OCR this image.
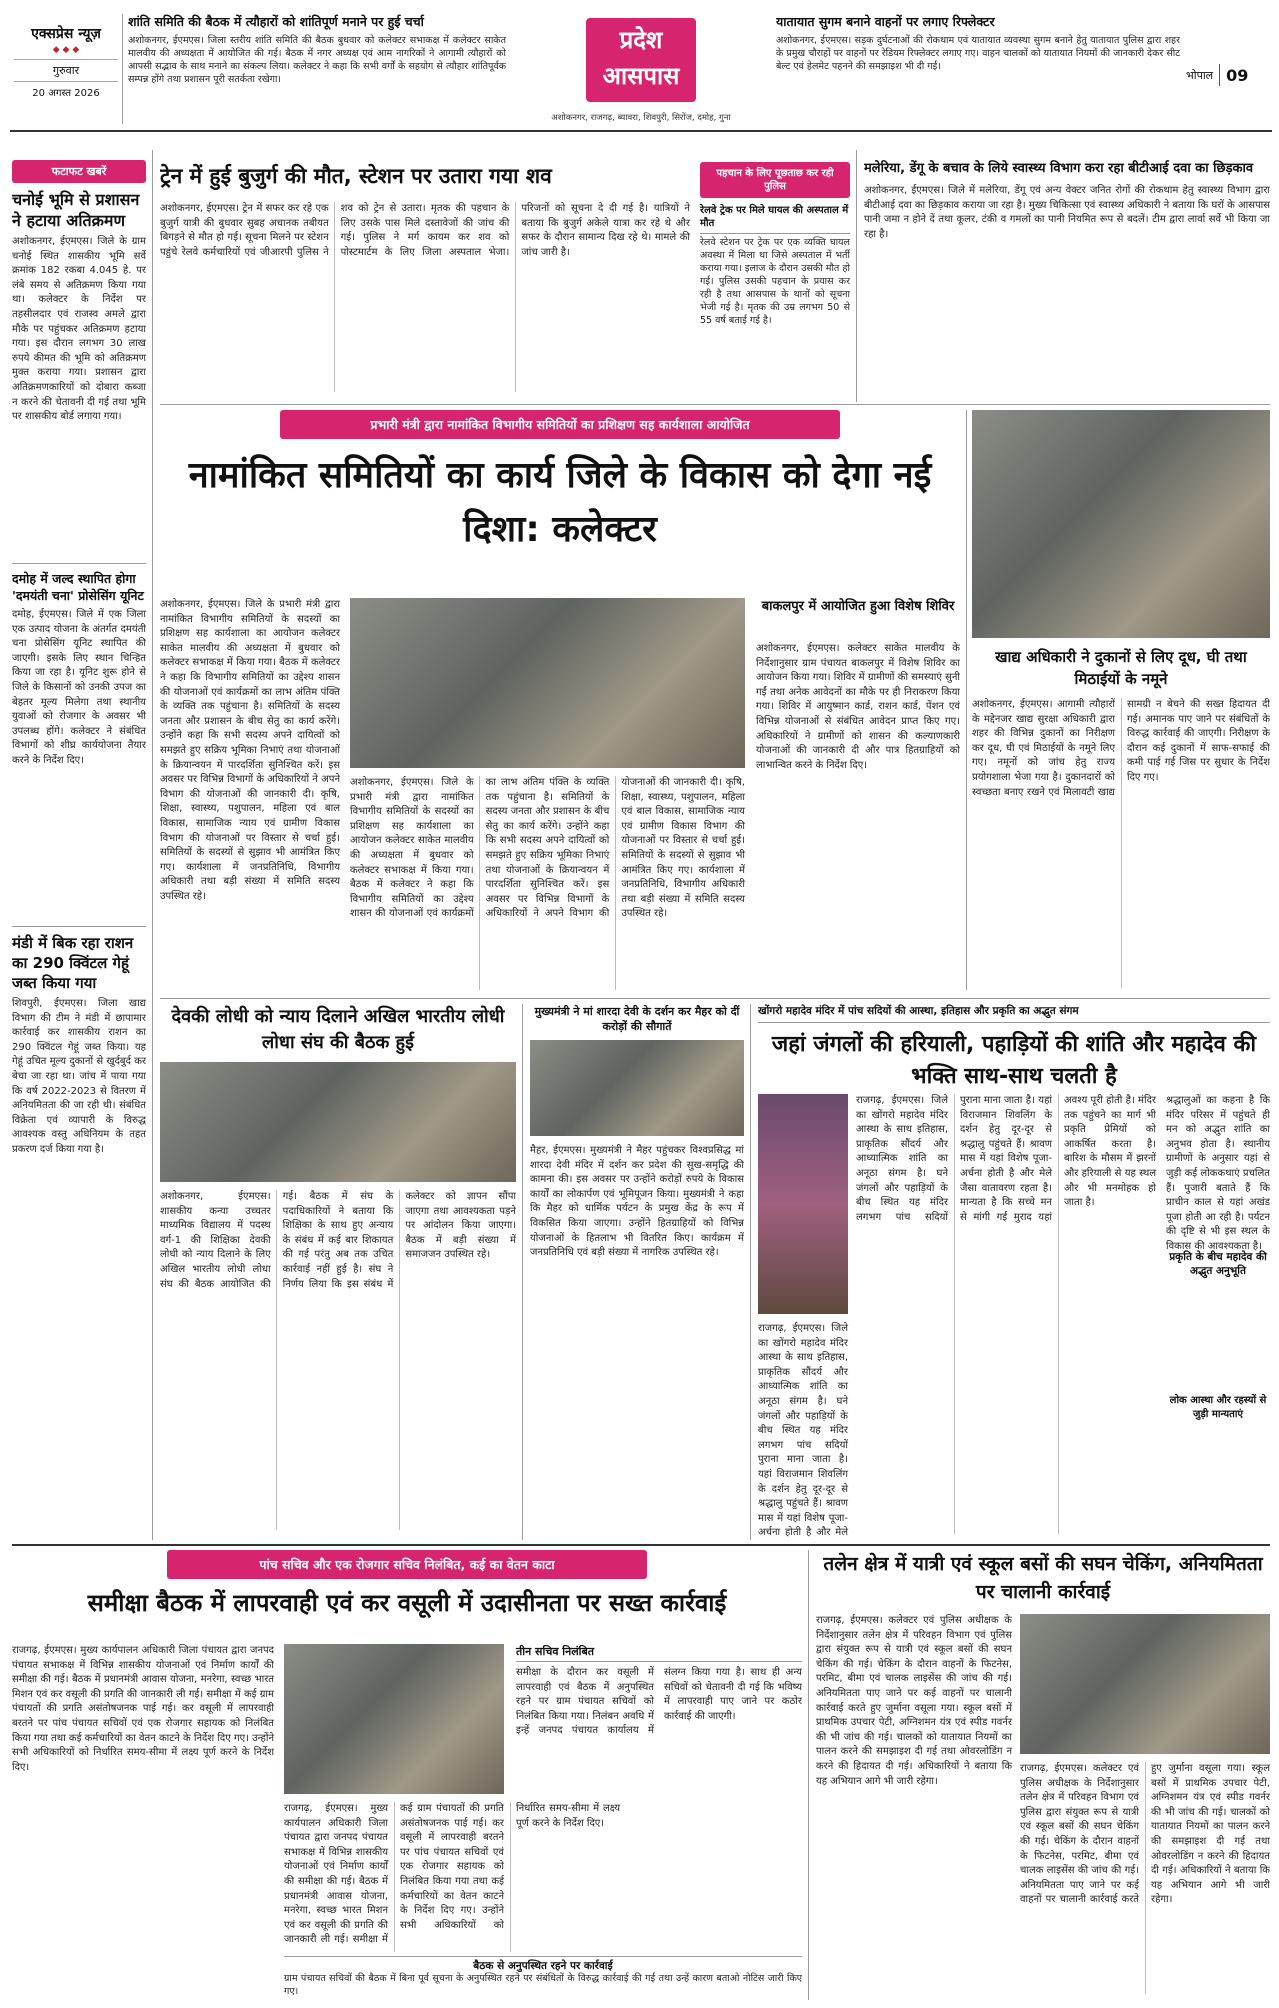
एक्सप्रेस न्यूज़
◆ ◆ ◆
गुरुवार
20 अगस्त 2026
शांति समिति की बैठक में त्यौहारों को शांतिपूर्ण मनाने पर हुई चर्चा
अशोकनगर, ईएमएस। जिला स्तरीय शांति समिति की बैठक बुधवार को कलेक्टर सभाकक्ष में कलेक्टर साकेत मालवीय की अध्यक्षता में आयोजित की गई। बैठक में नगर अध्यक्ष एवं आम नागरिकों ने आगामी त्यौहारों को आपसी सद्भाव के साथ मनाने का संकल्प लिया। कलेक्टर ने कहा कि सभी वर्गों के सहयोग से त्यौहार शांतिपूर्वक सम्पन्न होंगे तथा प्रशासन पूरी सतर्कता रखेगा।
प्रदेश
आसपास
अशोकनगर, राजगढ़, ब्यावरा, शिवपुरी, सिरोंज, दमोह, गुना
यातायात सुगम बनाने वाहनों पर लगाए रिफ्लेक्टर
अशोकनगर, ईएमएस। सड़क दुर्घटनाओं की रोकथाम एवं यातायात व्यवस्था सुगम बनाने हेतु यातायात पुलिस द्वारा शहर के प्रमुख चौराहों पर वाहनों पर रेडियम रिफ्लेक्टर लगाए गए। वाहन चालकों को यातायात नियमों की जानकारी देकर सीट बेल्ट एवं हेलमेट पहनने की समझाइश भी दी गई।
भोपाल 09
फटाफट खबरें
चनोई भूमि से प्रशासन ने हटाया अतिक्रमण
अशोकनगर, ईएमएस। जिले के ग्राम चनोई स्थित शासकीय भूमि सर्वे क्रमांक 182 रकबा 4.045 हे. पर लंबे समय से अतिक्रमण किया गया था। कलेक्टर के निर्देश पर तहसीलदार एवं राजस्व अमले द्वारा मौके पर पहुंचकर अतिक्रमण हटाया गया। इस दौरान लगभग 30 लाख रुपये कीमत की भूमि को अतिक्रमण मुक्त कराया गया। प्रशासन द्वारा अतिक्रमणकारियों को दोबारा कब्जा न करने की चेतावनी दी गई तथा भूमि पर शासकीय बोर्ड लगाया गया।
दमोह में जल्द स्थापित होगा 'दमयंती चना' प्रोसेसिंग यूनिट
दमोह, ईएमएस। जिले में एक जिला एक उत्पाद योजना के अंतर्गत दमयंती चना प्रोसेसिंग यूनिट स्थापित की जाएगी। इसके लिए स्थान चिन्हित किया जा रहा है। यूनिट शुरू होने से जिले के किसानों को उनकी उपज का बेहतर मूल्य मिलेगा तथा स्थानीय युवाओं को रोजगार के अवसर भी उपलब्ध होंगे। कलेक्टर ने संबंधित विभागों को शीघ्र कार्ययोजना तैयार करने के निर्देश दिए।
मंडी में बिक रहा राशन का 290 क्विंटल गेहूं जब्त किया गया
शिवपुरी, ईएमएस। जिला खाद्य विभाग की टीम ने मंडी में छापामार कार्रवाई कर शासकीय राशन का 290 क्विंटल गेहूं जब्त किया। यह गेहूं उचित मूल्य दुकानों से खुर्दबुर्द कर बेचा जा रहा था। जांच में पाया गया कि वर्ष 2022-2023 से वितरण में अनियमितता की जा रही थी। संबंधित विक्रेता एवं व्यापारी के विरुद्ध आवश्यक वस्तु अधिनियम के तहत प्रकरण दर्ज किया गया है।
ट्रेन में हुई बुजुर्ग की मौत, स्टेशन पर उतारा गया शव
अशोकनगर, ईएमएस। ट्रेन में सफर कर रहे एक बुजुर्ग यात्री की बुधवार सुबह अचानक तबीयत बिगड़ने से मौत हो गई। सूचना मिलने पर स्टेशन पहुंचे रेलवे कर्मचारियों एवं जीआरपी पुलिस ने शव को ट्रेन से उतारा। मृतक की पहचान के लिए उसके पास मिले दस्तावेजों की जांच की गई। पुलिस ने मर्ग कायम कर शव को पोस्टमार्टम के लिए जिला अस्पताल भेजा। परिजनों को सूचना दे दी गई है। यात्रियों ने बताया कि बुजुर्ग अकेले यात्रा कर रहे थे और सफर के दौरान सामान्य दिख रहे थे। मामले की जांच जारी है।
पहचान के लिए पूछताछ कर रही पुलिस
रेलवे ट्रेक पर मिले घायल की अस्पताल में मौत
रेलवे स्टेशन पर ट्रेक पर एक व्यक्ति घायल अवस्था में मिला था जिसे अस्पताल में भर्ती कराया गया। इलाज के दौरान उसकी मौत हो गई। पुलिस उसकी पहचान के प्रयास कर रही है तथा आसपास के थानों को सूचना भेजी गई है। मृतक की उम्र लगभग 50 से 55 वर्ष बताई गई है।
मलेरिया, डेंगू के बचाव के लिये स्वास्थ्य विभाग करा रहा बीटीआई दवा का छिड़काव
अशोकनगर, ईएमएस। जिले में मलेरिया, डेंगू एवं अन्य वेक्टर जनित रोगों की रोकथाम हेतु स्वास्थ्य विभाग द्वारा बीटीआई दवा का छिड़काव कराया जा रहा है। मुख्य चिकित्सा एवं स्वास्थ्य अधिकारी ने बताया कि घरों के आसपास पानी जमा न होने दें तथा कूलर, टंकी व गमलों का पानी नियमित रूप से बदलें। टीम द्वारा लार्वा सर्वे भी किया जा रहा है।
प्रभारी मंत्री द्वारा नामांकित विभागीय समितियों का प्रशिक्षण सह कार्यशाला आयोजित
नामांकित समितियों का कार्य जिले के विकास को देगा नई दिशा: कलेक्टर
अशोकनगर, ईएमएस। जिले के प्रभारी मंत्री द्वारा नामांकित विभागीय समितियों के सदस्यों का प्रशिक्षण सह कार्यशाला का आयोजन कलेक्टर साकेत मालवीय की अध्यक्षता में बुधवार को कलेक्टर सभाकक्ष में किया गया। बैठक में कलेक्टर ने कहा कि विभागीय समितियों का उद्देश्य शासन की योजनाओं एवं कार्यक्रमों का लाभ अंतिम पंक्ति के व्यक्ति तक पहुंचाना है। समितियों के सदस्य जनता और प्रशासन के बीच सेतु का कार्य करेंगे। उन्होंने कहा कि सभी सदस्य अपने दायित्वों को समझते हुए सक्रिय भूमिका निभाएं तथा योजनाओं के क्रियान्वयन में पारदर्शिता सुनिश्चित करें। इस अवसर पर विभिन्न विभागों के अधिकारियों ने अपने विभाग की योजनाओं की जानकारी दी। कृषि, शिक्षा, स्वास्थ्य, पशुपालन, महिला एवं बाल विकास, सामाजिक न्याय एवं ग्रामीण विकास विभाग की योजनाओं पर विस्तार से चर्चा हुई। समितियों के सदस्यों से सुझाव भी आमंत्रित किए गए। कार्यशाला में जनप्रतिनिधि, विभागीय अधिकारी तथा बड़ी संख्या में समिति सदस्य उपस्थित रहे।
अशोकनगर, ईएमएस। जिले के प्रभारी मंत्री द्वारा नामांकित विभागीय समितियों के सदस्यों का प्रशिक्षण सह कार्यशाला का आयोजन कलेक्टर साकेत मालवीय की अध्यक्षता में बुधवार को कलेक्टर सभाकक्ष में किया गया। बैठक में कलेक्टर ने कहा कि विभागीय समितियों का उद्देश्य शासन की योजनाओं एवं कार्यक्रमों का लाभ अंतिम पंक्ति के व्यक्ति तक पहुंचाना है। समितियों के सदस्य जनता और प्रशासन के बीच सेतु का कार्य करेंगे। उन्होंने कहा कि सभी सदस्य अपने दायित्वों को समझते हुए सक्रिय भूमिका निभाएं तथा योजनाओं के क्रियान्वयन में पारदर्शिता सुनिश्चित करें। इस अवसर पर विभिन्न विभागों के अधिकारियों ने अपने विभाग की योजनाओं की जानकारी दी। कृषि, शिक्षा, स्वास्थ्य, पशुपालन, महिला एवं बाल विकास, सामाजिक न्याय एवं ग्रामीण विकास विभाग की योजनाओं पर विस्तार से चर्चा हुई। समितियों के सदस्यों से सुझाव भी आमंत्रित किए गए। कार्यशाला में जनप्रतिनिधि, विभागीय अधिकारी तथा बड़ी संख्या में समिति सदस्य उपस्थित रहे।
बाकलपुर में आयोजित हुआ विशेष शिविर
अशोकनगर, ईएमएस। कलेक्टर साकेत मालवीय के निर्देशानुसार ग्राम पंचायत बाकलपुर में विशेष शिविर का आयोजन किया गया। शिविर में ग्रामीणों की समस्याएं सुनी गईं तथा अनेक आवेदनों का मौके पर ही निराकरण किया गया। शिविर में आयुष्मान कार्ड, राशन कार्ड, पेंशन एवं विभिन्न योजनाओं से संबंधित आवेदन प्राप्त किए गए। अधिकारियों ने ग्रामीणों को शासन की कल्याणकारी योजनाओं की जानकारी दी और पात्र हितग्राहियों को लाभान्वित करने के निर्देश दिए।
खाद्य अधिकारी ने दुकानों से लिए दूध, घी तथा मिठाईयों के नमूने
अशोकनगर, ईएमएस। आगामी त्यौहारों के मद्देनजर खाद्य सुरक्षा अधिकारी द्वारा शहर की विभिन्न दुकानों का निरीक्षण कर दूध, घी एवं मिठाईयों के नमूने लिए गए। नमूनों को जांच हेतु राज्य प्रयोगशाला भेजा गया है। दुकानदारों को स्वच्छता बनाए रखने एवं मिलावटी खाद्य सामग्री न बेचने की सख्त हिदायत दी गई। अमानक पाए जाने पर संबंधितों के विरुद्ध कार्रवाई की जाएगी। निरीक्षण के दौरान कई दुकानों में साफ-सफाई की कमी पाई गई जिस पर सुधार के निर्देश दिए गए।
देवकी लोधी को न्याय दिलाने अखिल भारतीय लोधी लोधा संघ की बैठक हुई
अशोकनगर, ईएमएस। शासकीय कन्या उच्चतर माध्यमिक विद्यालय में पदस्थ वर्ग-1 की शिक्षिका देवकी लोधी को न्याय दिलाने के लिए अखिल भारतीय लोधी लोधा संघ की बैठक आयोजित की गई। बैठक में संघ के पदाधिकारियों ने बताया कि शिक्षिका के साथ हुए अन्याय के संबंध में कई बार शिकायत की गई परंतु अब तक उचित कार्रवाई नहीं हुई है। संघ ने निर्णय लिया कि इस संबंध में कलेक्टर को ज्ञापन सौंपा जाएगा तथा आवश्यकता पड़ने पर आंदोलन किया जाएगा। बैठक में बड़ी संख्या में समाजजन उपस्थित रहे।
मुख्यमंत्री ने मां शारदा देवी के दर्शन कर मैहर को दीं करोड़ों की सौगातें
मैहर, ईएमएस। मुख्यमंत्री ने मैहर पहुंचकर विश्वप्रसिद्ध मां शारदा देवी मंदिर में दर्शन कर प्रदेश की सुख-समृद्धि की कामना की। इस अवसर पर उन्होंने करोड़ों रुपये के विकास कार्यों का लोकार्पण एवं भूमिपूजन किया। मुख्यमंत्री ने कहा कि मैहर को धार्मिक पर्यटन के प्रमुख केंद्र के रूप में विकसित किया जाएगा। उन्होंने हितग्राहियों को विभिन्न योजनाओं के हितलाभ भी वितरित किए। कार्यक्रम में जनप्रतिनिधि एवं बड़ी संख्या में नागरिक उपस्थित रहे।
खोंगरो महादेव मंदिर में पांच सदियों की आस्था, इतिहास और प्रकृति का अद्भुत संगम
जहां जंगलों की हरियाली, पहाड़ियों की शांति और महादेव की भक्ति साथ-साथ चलती है
राजगढ़, ईएमएस। जिले का खोंगरो महादेव मंदिर आस्था के साथ इतिहास, प्राकृतिक सौंदर्य और आध्यात्मिक शांति का अनूठा संगम है। घने जंगलों और पहाड़ियों के बीच स्थित यह मंदिर लगभग पांच सदियों पुराना माना जाता है। यहां विराजमान शिवलिंग के दर्शन हेतु दूर-दूर से श्रद्धालु पहुंचते हैं। श्रावण मास में यहां विशेष पूजा-अर्चना होती है और मेले जैसा वातावरण रहता है। मान्यता है कि सच्चे मन से मांगी गई मुराद यहां अवश्य पूरी होती है। मंदिर तक पहुंचने का मार्ग भी प्रकृति प्रेमियों को आकर्षित करता है। बारिश के मौसम में झरनों और हरियाली से यह स्थल और भी मनमोहक हो जाता है।
श्रद्धालुओं का कहना है कि मंदिर परिसर में पहुंचते ही मन को अद्भुत शांति का अनुभव होता है। स्थानीय ग्रामीणों के अनुसार यहां से जुड़ी कई लोककथाएं प्रचलित हैं। पुजारी बताते हैं कि प्राचीन काल से यहां अखंड पूजा होती आ रही है। पर्यटन की दृष्टि से भी इस स्थल के विकास की आवश्यकता है।
प्रकृति के बीच महादेव की अद्भुत अनुभूति
राजगढ़, ईएमएस। जिले का खोंगरो महादेव मंदिर आस्था के साथ इतिहास, प्राकृतिक सौंदर्य और आध्यात्मिक शांति का अनूठा संगम है। घने जंगलों और पहाड़ियों के बीच स्थित यह मंदिर लगभग पांच सदियों पुराना माना जाता है। यहां विराजमान शिवलिंग के दर्शन हेतु दूर-दूर से श्रद्धालु पहुंचते हैं। श्रावण मास में यहां विशेष पूजा-अर्चना होती है और मेले
लोक आस्था और रहस्यों से जुड़ी मान्यताएं
पांच सचिव और एक रोजगार सचिव निलंबित, कई का वेतन काटा
समीक्षा बैठक में लापरवाही एवं कर वसूली में उदासीनता पर सख्त कार्रवाई
राजगढ़, ईएमएस। मुख्य कार्यपालन अधिकारी जिला पंचायत द्वारा जनपद पंचायत सभाकक्ष में विभिन्न शासकीय योजनाओं एवं निर्माण कार्यों की समीक्षा की गई। बैठक में प्रधानमंत्री आवास योजना, मनरेगा, स्वच्छ भारत मिशन एवं कर वसूली की प्रगति की जानकारी ली गई। समीक्षा में कई ग्राम पंचायतों की प्रगति असंतोषजनक पाई गई। कर वसूली में लापरवाही बरतने पर पांच पंचायत सचिवों एवं एक रोजगार सहायक को निलंबित किया गया तथा कई कर्मचारियों का वेतन काटने के निर्देश दिए गए। उन्होंने सभी अधिकारियों को निर्धारित समय-सीमा में लक्ष्य पूर्ण करने के निर्देश दिए।
राजगढ़, ईएमएस। मुख्य कार्यपालन अधिकारी जिला पंचायत द्वारा जनपद पंचायत सभाकक्ष में विभिन्न शासकीय योजनाओं एवं निर्माण कार्यों की समीक्षा की गई। बैठक में प्रधानमंत्री आवास योजना, मनरेगा, स्वच्छ भारत मिशन एवं कर वसूली की प्रगति की जानकारी ली गई। समीक्षा में कई ग्राम पंचायतों की प्रगति असंतोषजनक पाई गई। कर वसूली में लापरवाही बरतने पर पांच पंचायत सचिवों एवं एक रोजगार सहायक को निलंबित किया गया तथा कई कर्मचारियों का वेतन काटने के निर्देश दिए गए। उन्होंने सभी अधिकारियों को निर्धारित समय-सीमा में लक्ष्य पूर्ण करने के निर्देश दिए।
तीन सचिव निलंबित
समीक्षा के दौरान कर वसूली में लापरवाही एवं बैठक में अनुपस्थित रहने पर ग्राम पंचायत सचिवों को निलंबित किया गया। निलंबन अवधि में इन्हें जनपद पंचायत कार्यालय में संलग्न किया गया है। साथ ही अन्य सचिवों को चेतावनी दी गई कि भविष्य में लापरवाही पाए जाने पर कठोर कार्रवाई की जाएगी।
बैठक से अनुपस्थित रहने पर कार्रवाई
ग्राम पंचायत सचिवों की बैठक में बिना पूर्व सूचना के अनुपस्थित रहने पर संबंधितों के विरुद्ध कार्रवाई की गई तथा उन्हें कारण बताओ नोटिस जारी किए गए।
तलेन क्षेत्र में यात्री एवं स्कूल बसों की सघन चेकिंग, अनियमितता पर चालानी कार्रवाई
राजगढ़, ईएमएस। कलेक्टर एवं पुलिस अधीक्षक के निर्देशानुसार तलेन क्षेत्र में परिवहन विभाग एवं पुलिस द्वारा संयुक्त रूप से यात्री एवं स्कूल बसों की सघन चेकिंग की गई। चेकिंग के दौरान वाहनों के फिटनेस, परमिट, बीमा एवं चालक लाइसेंस की जांच की गई। अनियमितता पाए जाने पर कई वाहनों पर चालानी कार्रवाई करते हुए जुर्माना वसूला गया। स्कूल बसों में प्राथमिक उपचार पेटी, अग्निशमन यंत्र एवं स्पीड गवर्नर की भी जांच की गई। चालकों को यातायात नियमों का पालन करने की समझाइश दी गई तथा ओवरलोडिंग न करने की हिदायत दी गई। अधिकारियों ने बताया कि यह अभियान आगे भी जारी रहेगा।
राजगढ़, ईएमएस। कलेक्टर एवं पुलिस अधीक्षक के निर्देशानुसार तलेन क्षेत्र में परिवहन विभाग एवं पुलिस द्वारा संयुक्त रूप से यात्री एवं स्कूल बसों की सघन चेकिंग की गई। चेकिंग के दौरान वाहनों के फिटनेस, परमिट, बीमा एवं चालक लाइसेंस की जांच की गई। अनियमितता पाए जाने पर कई वाहनों पर चालानी कार्रवाई करते हुए जुर्माना वसूला गया। स्कूल बसों में प्राथमिक उपचार पेटी, अग्निशमन यंत्र एवं स्पीड गवर्नर की भी जांच की गई। चालकों को यातायात नियमों का पालन करने की समझाइश दी गई तथा ओवरलोडिंग न करने की हिदायत दी गई। अधिकारियों ने बताया कि यह अभियान आगे भी जारी रहेगा।
